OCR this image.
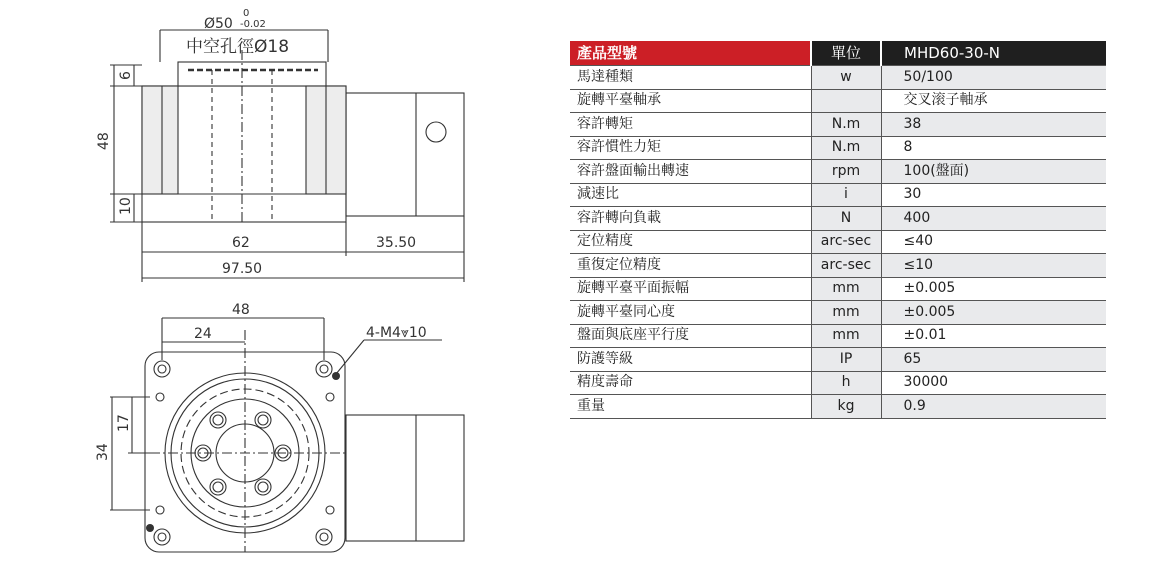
Ø50
0
-0.02
中空孔徑Ø18
48
6
10
62	35.50
97.50
48
24
34
17
4-M4⩔10
產品型號	單位	MHD60-30-N
馬達種類	w	50/100
旋轉平臺軸承		交叉滚子軸承
容許轉矩	N.m	38
容許慣性力矩	N.m	8
容許盤面輸出轉速	rpm	100(盤面)
減速比	i	30
容許轉向負載	N	400
定位精度	arc-sec	≤40
重復定位精度	arc-sec	≤10
旋轉平臺平面振幅	mm	±0.005
旋轉平臺同心度	mm	±0.005
盤面與底座平行度	mm	±0.01
防護等級	IP	65
精度壽命	h	30000
重量	kg	0.9
